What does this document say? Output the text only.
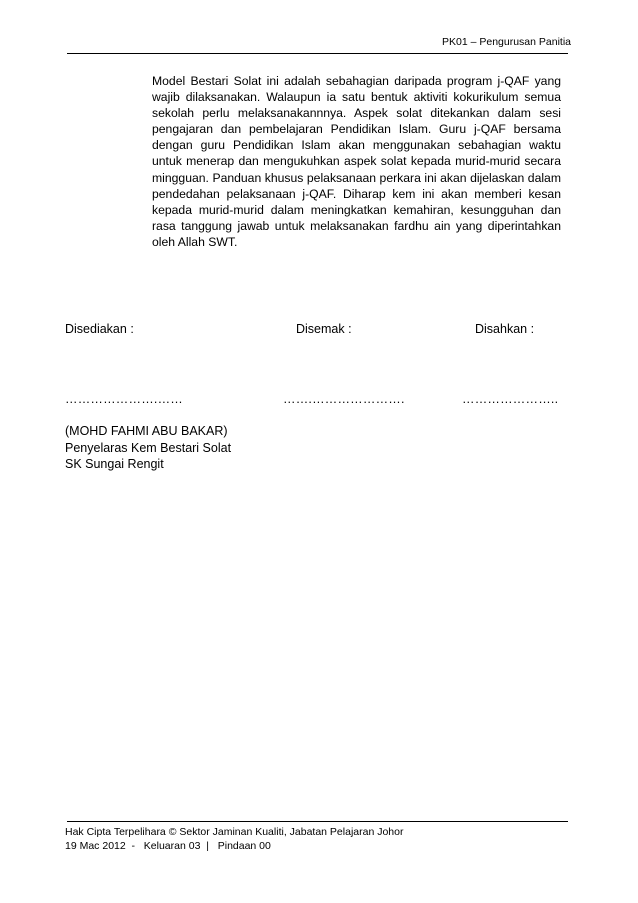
PK01 – Pengurusan Panitia
Model Bestari Solat ini adalah sebahagian daripada program j-QAF yang wajib dilaksanakan. Walaupun ia satu bentuk aktiviti kokurikulum semua sekolah perlu melaksanakannnya. Aspek solat ditekankan dalam sesi pengajaran dan pembelajaran Pendidikan Islam. Guru j-QAF bersama dengan guru Pendidikan Islam akan menggunakan sebahagian waktu untuk menerap dan mengukuhkan aspek solat kepada murid-murid secara mingguan. Panduan khusus pelaksanaan perkara ini akan dijelaskan dalam pendedahan pelaksanaan j-QAF. Diharap kem ini akan memberi kesan kepada murid-murid dalam meningkatkan kemahiran, kesungguhan dan rasa tanggung jawab untuk melaksanakan fardhu ain yang diperintahkan oleh Allah SWT.
Disediakan :	Disemak :	Disahkan :
………………….……	…….………………….	…………………..
(MOHD FAHMI ABU BAKAR)
Penyelaras Kem Bestari Solat
SK Sungai Rengit
Hak Cipta Terpelihara © Sektor Jaminan Kualiti, Jabatan Pelajaran Johor
19 Mac 2012  -   Keluaran 03  |   Pindaan 00
